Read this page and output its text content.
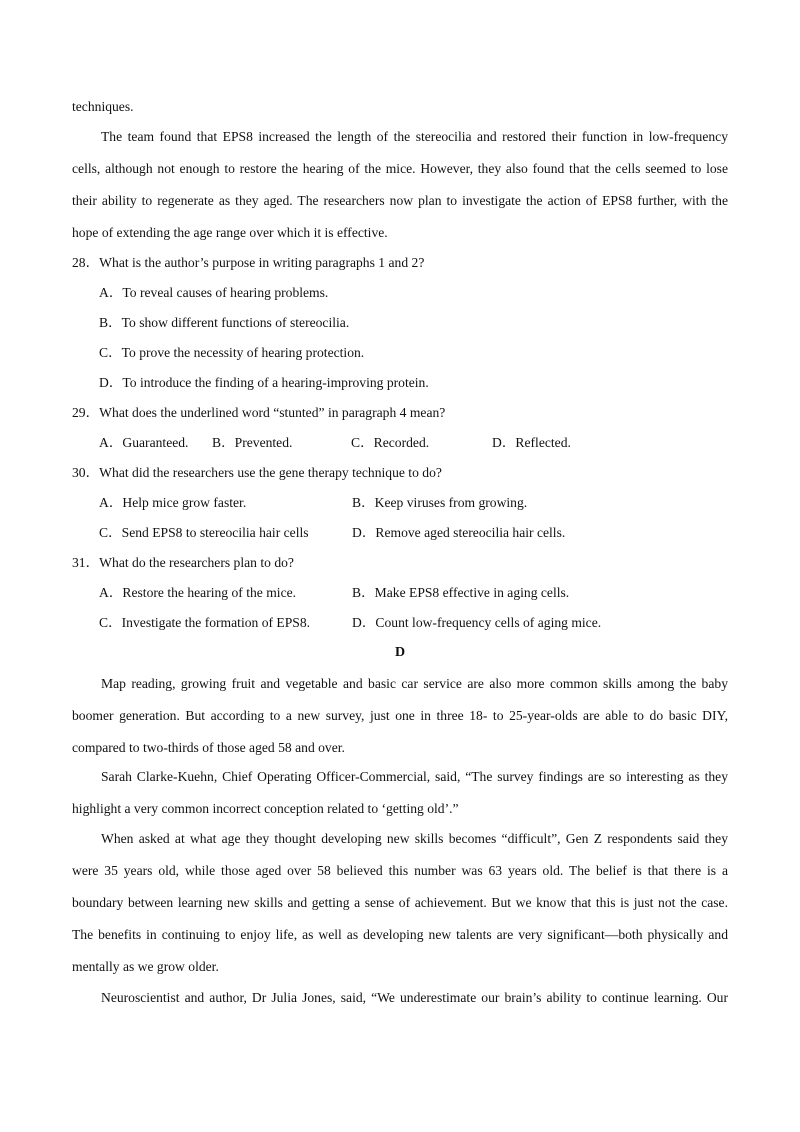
techniques.
The team found that EPS8 increased the length of the stereocilia and restored their function in low-frequency
cells, although not enough to restore the hearing of the mice. However, they also found that the cells seemed to lose
their ability to regenerate as they aged. The researchers now plan to investigate the action of EPS8 further, with the
hope of extending the age range over which it is effective.
28．What is the author’s purpose in writing paragraphs 1 and 2?
A．To reveal causes of hearing problems.
B．To show different functions of stereocilia.
C．To prove the necessity of hearing protection.
D．To introduce the finding of a hearing-improving protein.
29．What does the underlined word “stunted” in paragraph 4 mean?
A．Guaranteed. B．Prevented.	C．Recorded.	D．Reflected.
30．What did the researchers use the gene therapy technique to do?
A．Help mice grow faster.	B．Keep viruses from growing.
C．Send EPS8 to stereocilia hair cells	D．Remove aged stereocilia hair cells.
31．What do the researchers plan to do?
A．Restore the hearing of the mice.	B．Make EPS8 effective in aging cells.
C．Investigate the formation of EPS8.	D．Count low-frequency cells of aging mice.
D
Map reading, growing fruit and vegetable and basic car service are also more common skills among the baby
boomer generation. But according to a new survey, just one in three 18- to 25-year-olds are able to do basic DIY,
compared to two-thirds of those aged 58 and over.
Sarah Clarke-Kuehn, Chief Operating Officer-Commercial, said, “The survey findings are so interesting as they
highlight a very common incorrect conception related to ‘getting old’.”
When asked at what age they thought developing new skills becomes “difficult”, Gen Z respondents said they
were 35 years old, while those aged over 58 believed this number was 63 years old. The belief is that there is a
boundary between learning new skills and getting a sense of achievement. But we know that this is just not the case.
The benefits in continuing to enjoy life, as well as developing new talents are very significant—both physically and
mentally as we grow older.
Neuroscientist and author, Dr Julia Jones, said, “We underestimate our brain’s ability to continue learning. Our
